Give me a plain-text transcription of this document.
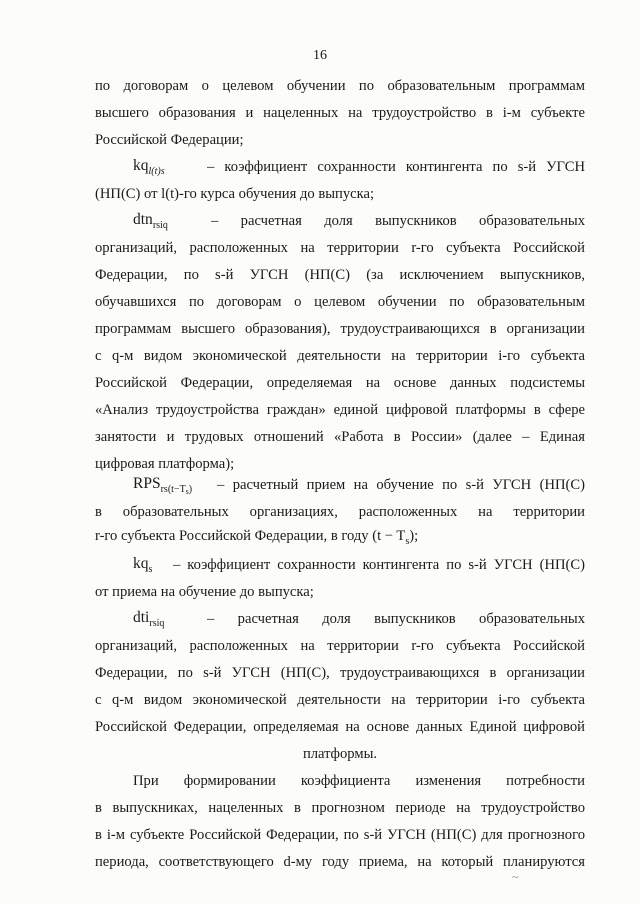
16
по договорам о целевом обучении по образовательным программам
высшего образования и нацеленных на трудоустройство в i-м субъекте
Российской Федерации;
$kq_{l(t)s}$	– коэффициент сохранности контингента по s-й УГСН
(НП(С) от l(t)-го курса обучения до выпуска;
dtn$_{rsiq}$	– расчетная доля выпускников образовательных
организаций, расположенных на территории r-го субъекта Российской
Федерации, по s-й УГСН (НП(С) (за исключением выпускников,
обучавшихся по договорам о целевом обучении по образовательным
программам высшего образования), трудоустраивающихся в организации
с q-м видом экономической деятельности на территории i-го субъекта
Российской Федерации, определяемая на основе данных подсистемы
«Анализ трудоустройства граждан» единой цифровой платформы в сфере
занятости и трудовых отношений «Работа в России» (далее – Единая
цифровая платформа);
$RPS_{rs(t-T_s)}$	– расчетный прием на обучение по s-й УГСН (НП(С)
в образовательных организациях, расположенных на территории
r-го субъекта Российской Федерации, в году $(t - T_s)$;
$kq_s$	– коэффициент сохранности контингента по s-й УГСН (НП(С)
от приема на обучение до выпуска;
dti$_{rsiq}$	– расчетная доля выпускников образовательных
организаций, расположенных на территории r-го субъекта Российской
Федерации, по s-й УГСН (НП(С), трудоустраивающихся в организации
с q-м видом экономической деятельности на территории i-го субъекта
Российской Федерации, определяемая на основе данных Единой цифровой
платформы.
При формировании коэффициента изменения потребности
в выпускниках, нацеленных в прогнозном периоде на трудоустройство
в i-м субъекте Российской Федерации, по s-й УГСН (НП(С) для прогнозного
периода, соответствующего d-му году приема, на который планируются
~
